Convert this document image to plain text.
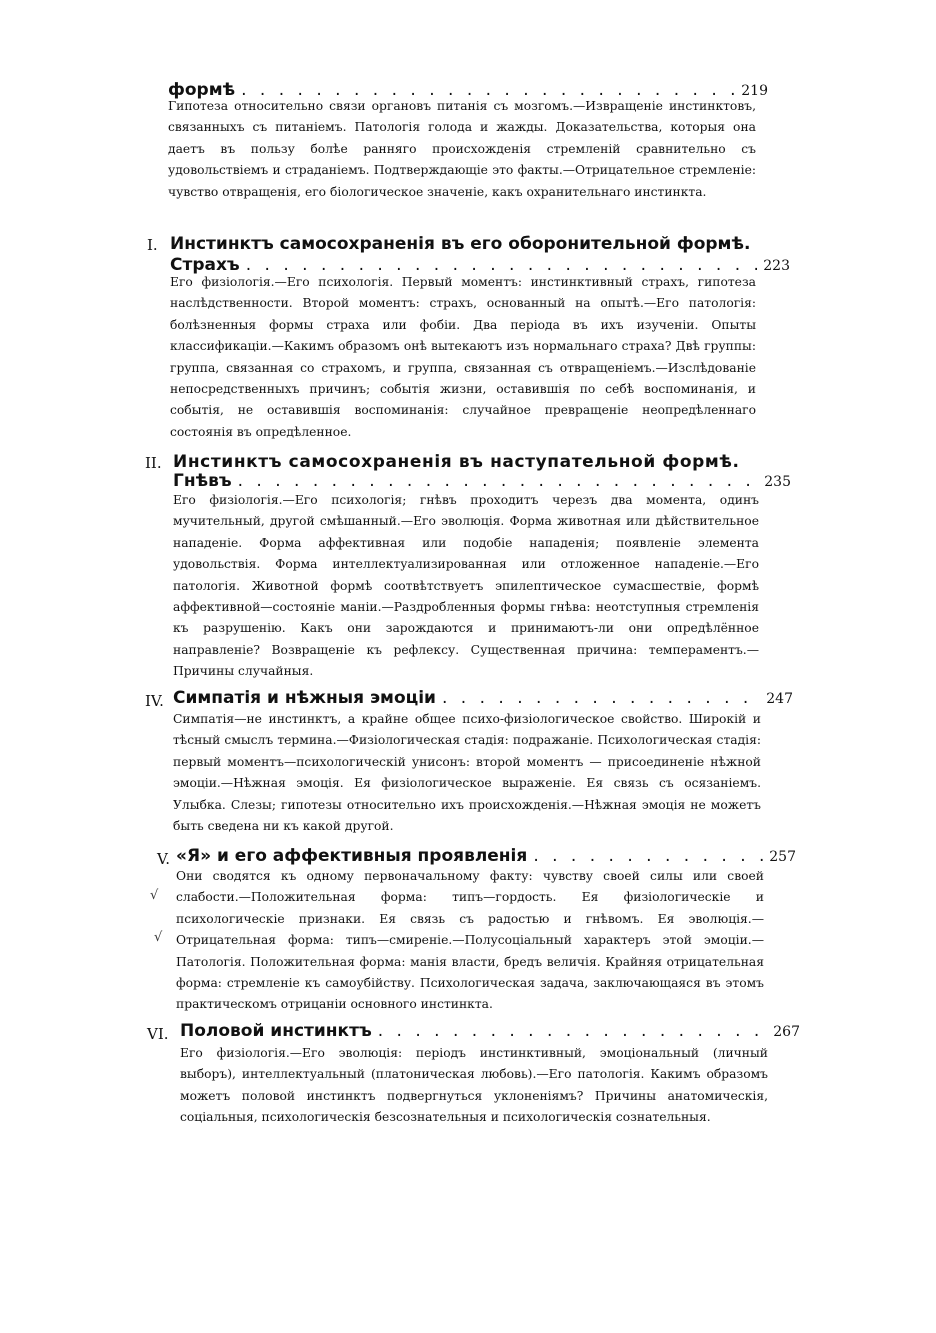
формѣ . . .	219
Гипотеза относительно связи органовъ питанія съ мозгомъ.—Извращеніе инстинктовъ, связанныхъ съ питаніемъ. Патологія голода и жажды. Доказательства, которыя она даетъ въ пользу болѣе ранняго происхожденія стремленій сравнительно съ удовольствіемъ и страданіемъ. Подтверждающіе это факты.—Отрицательное стремленіе: чувство отвращенія, его біологическое значеніе, какъ охранительнаго инстинкта.
I. Инстинктъ самосохраненія въ его оборонительной формѣ.
Страхъ . . .	223
Его физіологія.—Его психологія. Первый моментъ: инстинктивный страхъ, гипотеза наслѣдственности. Второй моментъ: страхъ, основанный на опытѣ.—Его патологія: болѣзненныя формы страха или фобіи. Два періода въ ихъ изученіи. Опыты классификаціи.—Какимъ образомъ онѣ вытекаютъ изъ нормальнаго страха? Двѣ группы: группа, связанная со страхомъ, и группа, связанная съ отвращеніемъ.—Изслѣдованіе непосредственныхъ причинъ; событія жизни, оставившія по себѣ воспоминанія, и событія, не оставившія воспоминанія: случайное превращеніе неопредѣленнаго состоянія въ опредѣленное.
II. Инстинктъ самосохраненія въ наступательной формѣ.
Гнѣвъ . . .	235
Его физіологія.—Его психологія; гнѣвъ проходитъ черезъ два момента, одинъ мучительный, другой смѣшанный.—Его эволюція. Форма животная или дѣйствительное нападеніе. Форма аффективная или подобіе нападенія; появленіе элемента удовольствія. Форма интеллектуализированная или отложенное нападеніе.—Его патологія. Животной формѣ соотвѣтствуетъ эпилептическое сумасшествіе, формѣ аффективной—состояніе маніи.—Раздробленныя формы гнѣва: неотступныя стремленія къ разрушенію. Какъ они зарождаются и принимаютъ-ли они опредѣлённое направленіе? Возвращеніе къ рефлексу. Существенная причина: темпераментъ.—Причины случайныя.
IV. Симпатія и нѣжныя эмоціи . . .	247
Симпатія—не инстинктъ, а крайне общее психо-физіологическое свойство. Широкій и тѣсный смыслъ термина.—Физіологическая стадія: подражаніе. Психологическая стадія: первый моментъ—психологическій унисонъ: второй моментъ — присоединеніе нѣжной эмоціи.—Нѣжная эмоція. Ея физіологическое выраженіе. Ея связь съ осязаніемъ. Улыбка. Слезы; гипотезы относительно ихъ происхожденія.—Нѣжная эмоція не можетъ быть сведена ни къ какой другой.
V. «Я» и его аффективныя проявленія . . .	257
Они сводятся къ одному первоначальному факту: чувству своей силы или своей слабости.—Положительная форма: типъ—гордость. Ея физіологическіе и психологическіе признаки. Ея связь съ радостью и гнѣвомъ. Ея эволюція.—Отрицательная форма: типъ—смиреніе.—Полусоціальный характеръ этой эмоціи.—Патологія. Положительная форма: манія власти, бредъ величія. Крайняя отрицательная форма: стремленіе къ самоубійству. Психологическая задача, заключающаяся въ этомъ практическомъ отрицаніи основного инстинкта.
√
√
VI. Половой инстинктъ . . .	267
Его физіологія.—Его эволюція: періодъ инстинктивный, эмоціональный (личный выборъ), интеллектуальный (платоническая любовь).—Его патологія. Какимъ образомъ можетъ половой инстинктъ подвергнуться уклоненіямъ? Причины анатомическія, соціальныя, психологическія безсознательныя и психологическія сознательныя.
